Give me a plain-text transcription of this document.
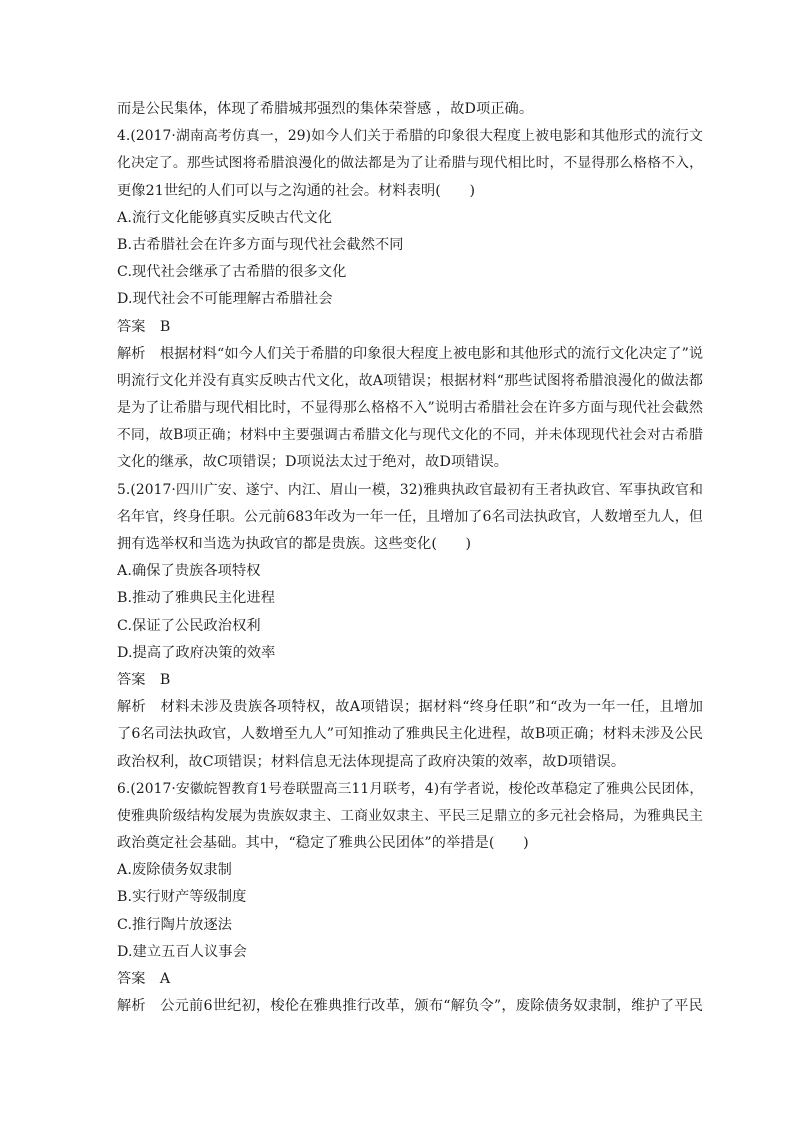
而是公民集体，体现了希腊城邦强烈的集体荣誉感 ，故D项正确。
4.(2017·湖南高考仿真一，29)如今人们关于希腊的印象很大程度上被电影和其他形式的流行文
化决定了。那些试图将希腊浪漫化的做法都是为了让希腊与现代相比时，不显得那么格格不入，
更像21世纪的人们可以与之沟通的社会。材料表明(　　)
A.流行文化能够真实反映古代文化
B.古希腊社会在许多方面与现代社会截然不同
C.现代社会继承了古希腊的很多文化
D.现代社会不可能理解古希腊社会
答案　B
解析　根据材料“如今人们关于希腊的印象很大程度上被电影和其他形式的流行文化决定了”说
明流行文化并没有真实反映古代文化，故A项错误；根据材料“那些试图将希腊浪漫化的做法都
是为了让希腊与现代相比时，不显得那么格格不入”说明古希腊社会在许多方面与现代社会截然
不同，故B项正确；材料中主要强调古希腊文化与现代文化的不同，并未体现现代社会对古希腊
文化的继承，故C项错误；D项说法太过于绝对，故D项错误。
5.(2017·四川广安、遂宁、内江、眉山一模，32)雅典执政官最初有王者执政官、军事执政官和
名年官，终身任职。公元前683年改为一年一任，且增加了6名司法执政官，人数增至九人，但
拥有选举权和当选为执政官的都是贵族。这些变化(　　)
A.确保了贵族各项特权
B.推动了雅典民主化进程
C.保证了公民政治权利
D.提高了政府决策的效率
答案　B
解析　材料未涉及贵族各项特权，故A项错误；据材料“终身任职”和“改为一年一任，且增加
了6名司法执政官，人数增至九人”可知推动了雅典民主化进程，故B项正确；材料未涉及公民
政治权利，故C项错误；材料信息无法体现提高了政府决策的效率，故D项错误。
6.(2017·安徽皖智教育1号卷联盟高三11月联考，4)有学者说，梭伦改革稳定了雅典公民团体，
使雅典阶级结构发展为贵族奴隶主、工商业奴隶主、平民三足鼎立的多元社会格局，为雅典民主
政治奠定社会基础。其中，“稳定了雅典公民团体”的举措是(　　)
A.废除债务奴隶制
B.实行财产等级制度
C.推行陶片放逐法
D.建立五百人议事会
答案　A
解析　公元前6世纪初，梭伦在雅典推行改革，颁布“解负令”，废除债务奴隶制，维护了平民
